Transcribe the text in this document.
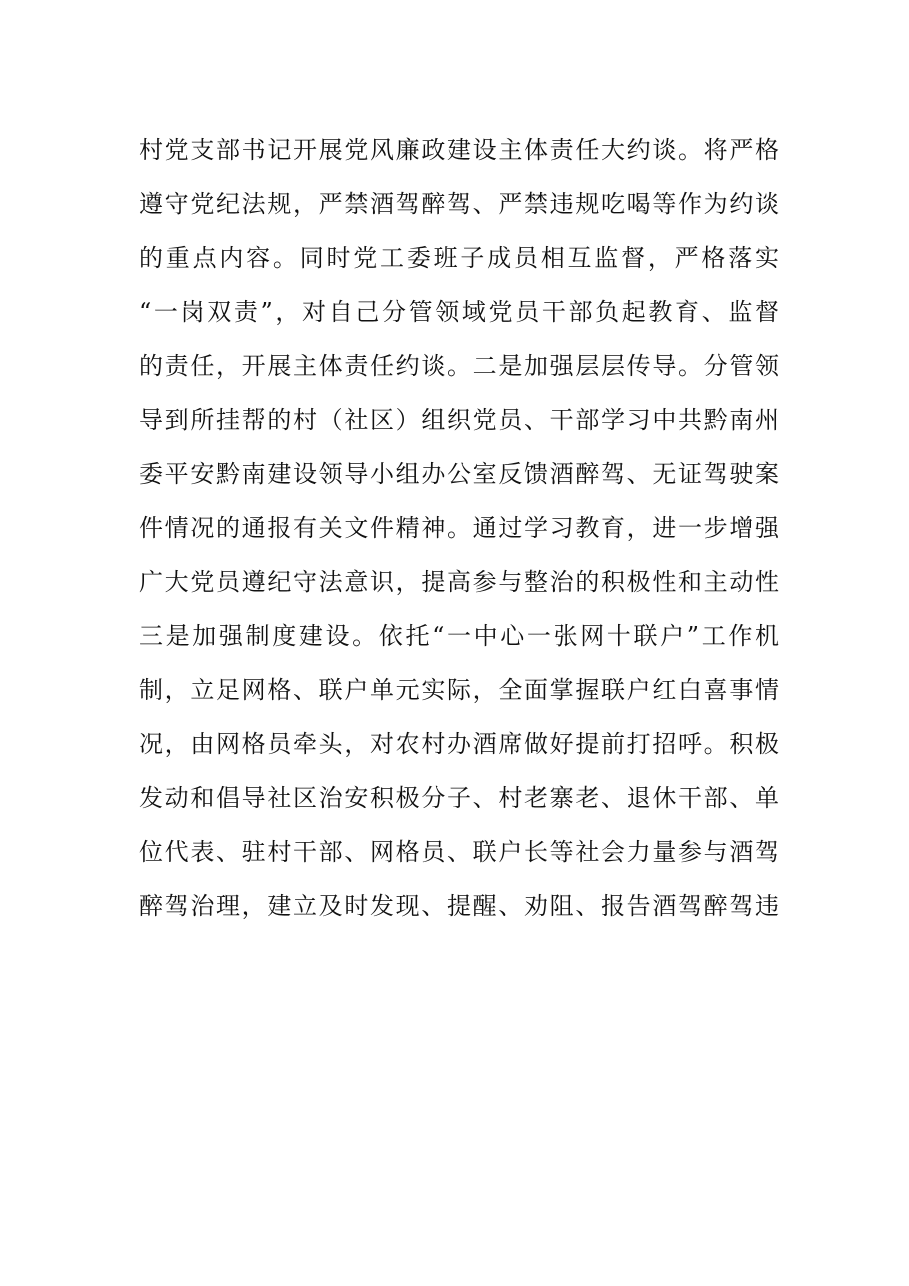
村党支部书记开展党风廉政建设主体责任大约谈。将严格
遵守党纪法规，严禁酒驾醉驾、严禁违规吃喝等作为约谈
的重点内容。同时党工委班子成员相互监督，严格落实
“一岗双责”，对自己分管领域党员干部负起教育、监督
的责任，开展主体责任约谈。二是加强层层传导。分管领
导到所挂帮的村（社区）组织党员、干部学习中共黔南州
委平安黔南建设领导小组办公室反馈酒醉驾、无证驾驶案
件情况的通报有关文件精神。通过学习教育，进一步增强
广大党员遵纪守法意识，提高参与整治的积极性和主动性
三是加强制度建设。依托“一中心一张网十联户”工作机
制，立足网格、联户单元实际，全面掌握联户红白喜事情
况，由网格员牵头，对农村办酒席做好提前打招呼。积极
发动和倡导社区治安积极分子、村老寨老、退休干部、单
位代表、驻村干部、网格员、联户长等社会力量参与酒驾
醉驾治理，建立及时发现、提醒、劝阻、报告酒驾醉驾违
